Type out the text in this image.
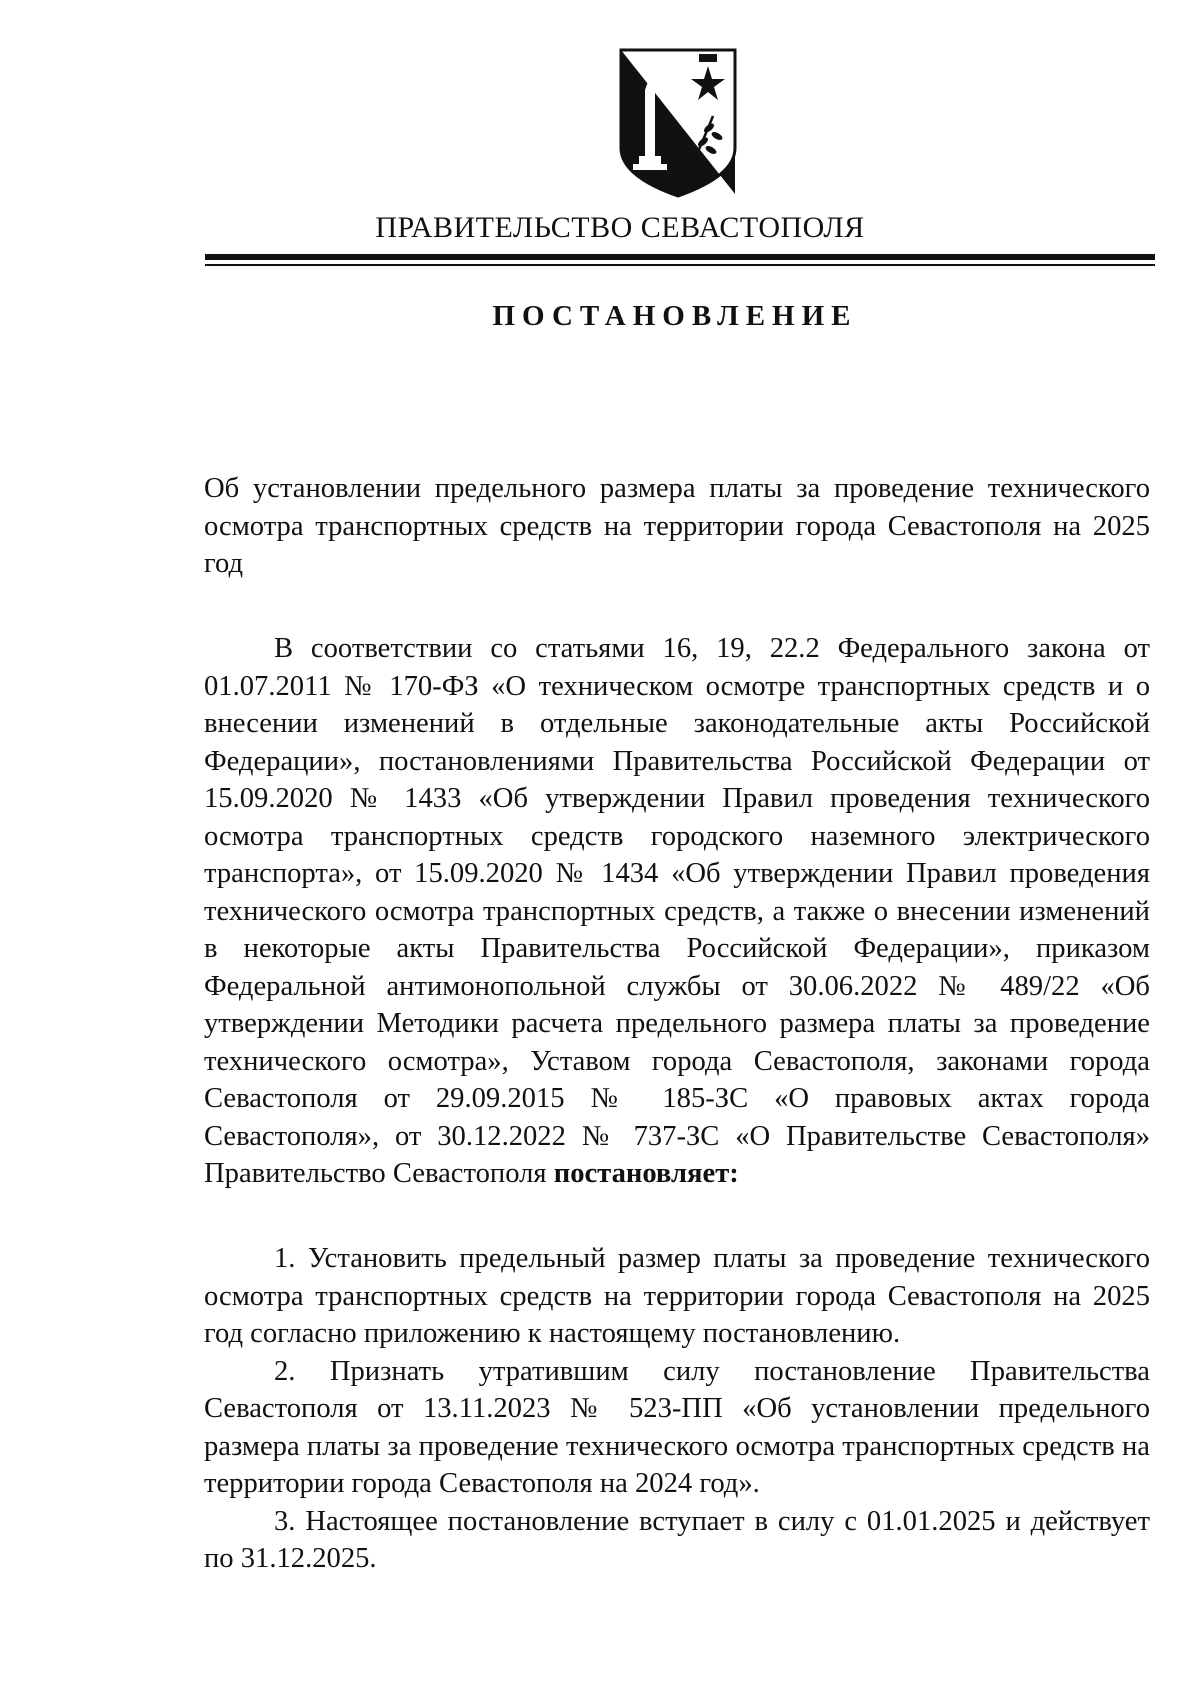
ПРАВИТЕЛЬСТВО СЕВАСТОПОЛЯ
ПОСТАНОВЛЕНИЕ

Об установлении предельного размера платы за проведение технического осмотра транспортных средств на территории города Севастополя на 2025 год

В соответствии со статьями 16, 19, 22.2 Федерального закона от 01.07.2011 № 170-ФЗ «О техническом осмотре транспортных средств и о внесении изменений в отдельные законодательные акты Российской Федерации», постановлениями Правительства Российской Федерации от 15.09.2020 № 1433 «Об утверждении Правил проведения технического осмотра транспортных средств городского наземного электрического транспорта», от 15.09.2020 № 1434 «Об утверждении Правил проведения технического осмотра транспортных средств, а также о внесении изменений в некоторые акты Правительства Российской Федерации», приказом Федеральной антимонопольной службы от 30.06.2022 № 489/22 «Об утверждении Методики расчета предельного размера платы за проведение технического осмотра», Уставом города Севастополя, законами города Севастополя от 29.09.2015 № 185-ЗС «О правовых актах города Севастополя», от 30.12.2022 № 737-ЗС «О Правительстве Севастополя» Правительство Севастополя постановляет:

1. Установить предельный размер платы за проведение технического осмотра транспортных средств на территории города Севастополя на 2025 год согласно приложению к настоящему постановлению.

2. Признать утратившим силу постановление Правительства Севастополя от 13.11.2023 № 523-ПП «Об установлении предельного размера платы за проведение технического осмотра транспортных средств на территории города Севастополя на 2024 год».

3. Настоящее постановление вступает в силу с 01.01.2025 и действует по 31.12.2025.
